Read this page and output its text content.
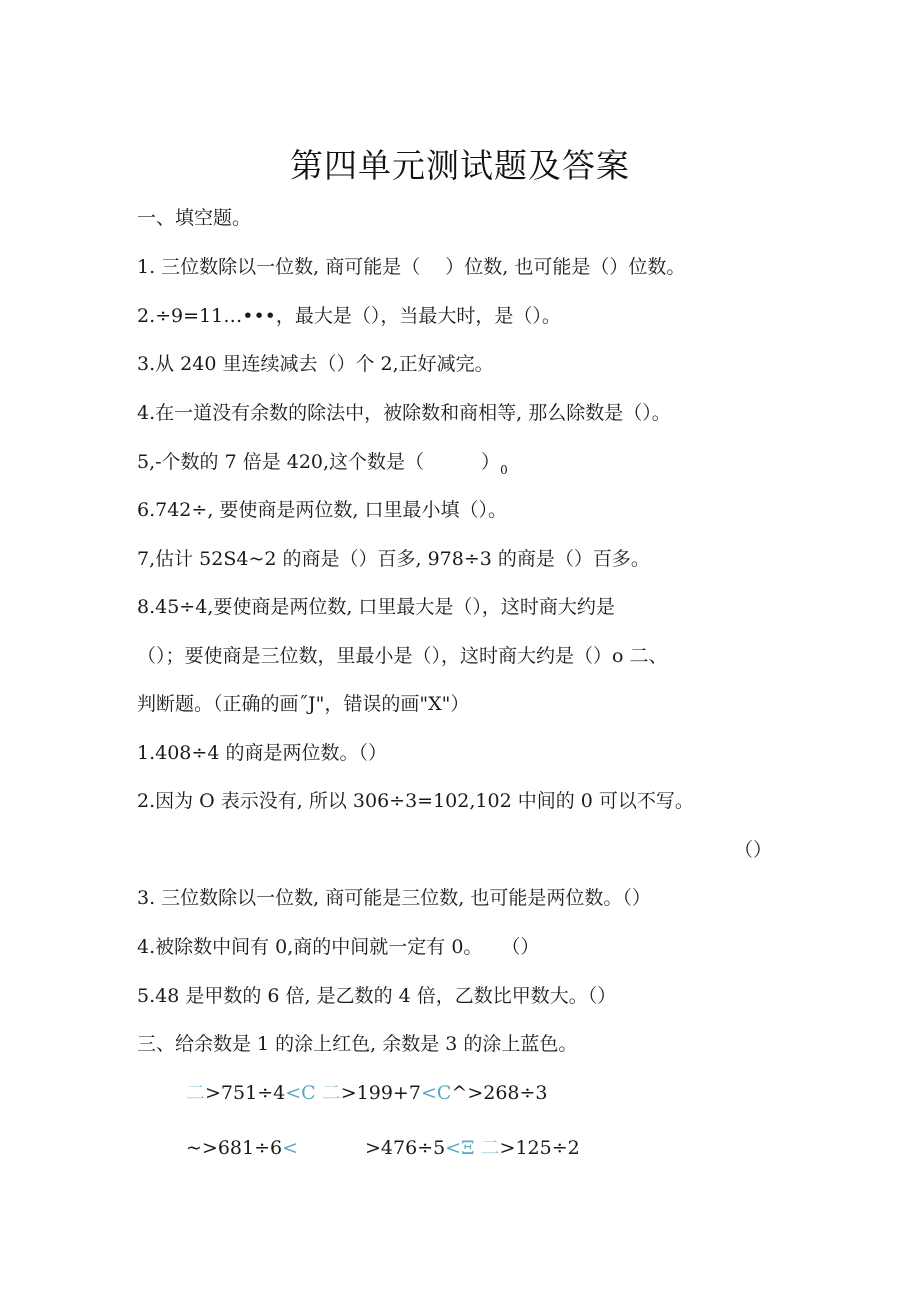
第四单元测试题及答案
一、填空题。
1. 三位数除以一位数, 商可能是（　 ）位数, 也可能是（）位数。
2.÷9=11…•••，最大是（），当最大时，是（）。
3.从 240 里连续减去（）个 2,正好减完。
4.在一道没有余数的除法中，被除数和商相等, 那么除数是（）。
5,-个数的 7 倍是 420,这个数是（　　　）$_0$
6.742÷, 要使商是两位数, 口里最小填（）。
7,估计 52S4~2 的商是（）百多, 978÷3 的商是（）百多。
8.45÷4,要使商是两位数, 口里最大是（），这时商大约是
（）；要使商是三位数，里最小是（），这时商大约是（）o 二、
判断题。（正确的画˝J"，错误的画"X"）
1.408÷4 的商是两位数。（）
2.因为 O 表示没有, 所以 306÷3=102,102 中间的 0 可以不写。
（）
3. 三位数除以一位数, 商可能是三位数, 也可能是两位数。（）
4.被除数中间有 0,商的中间就一定有 0。　　（）
5.48 是甲数的 6 倍, 是乙数的 4 倍，乙数比甲数大。（）
三、给余数是 1 的涂上红色, 余数是 3 的涂上蓝色。
二>751÷4<C 二>199+7<C^>268÷3
~>681÷6<	>476÷5<Ξ 二>125÷2
